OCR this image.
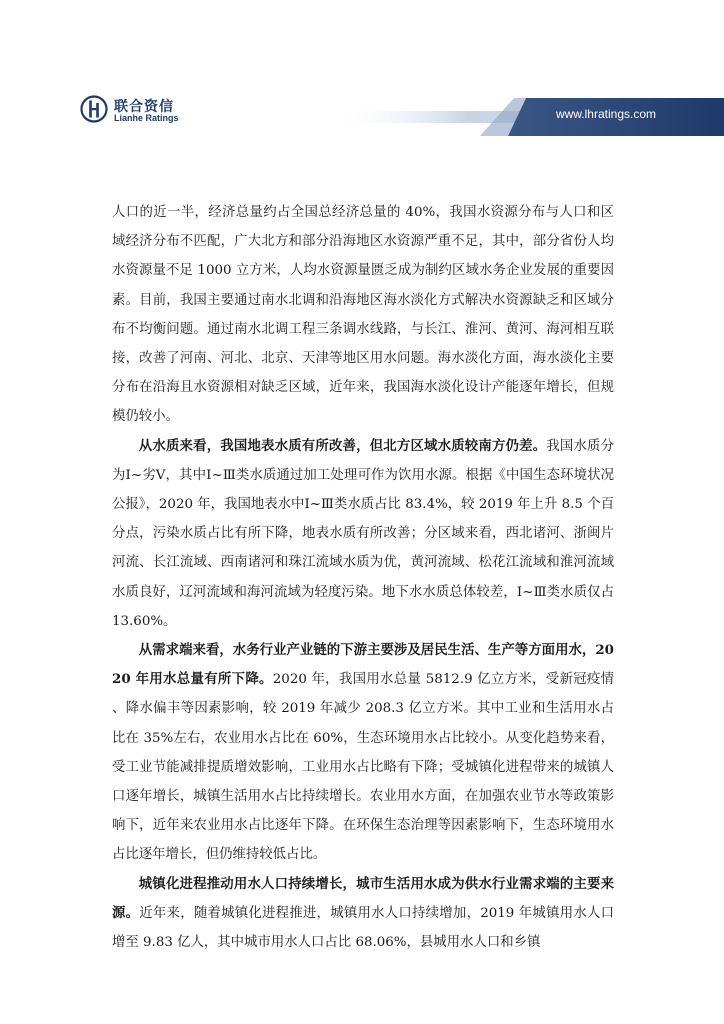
联合资信
Lianhe Ratings	www.lhratings.com

人口的近一半，经济总量约占全国总经济总量的 40%，我国水资源分布与人口和区域经济分布不匹配，广大北方和部分沿海地区水资源严重不足，其中，部分省份人均水资源量不足 1000 立方米，人均水资源量匮乏成为制约区域水务企业发展的重要因素。目前，我国主要通过南水北调和沿海地区海水淡化方式解决水资源缺乏和区域分布不均衡问题。通过南水北调工程三条调水线路，与长江、淮河、黄河、海河相互联接，改善了河南、河北、北京、天津等地区用水问题。海水淡化方面，海水淡化主要分布在沿海且水资源相对缺乏区域，近年来，我国海水淡化设计产能逐年增长，但规模仍较小。

从水质来看，我国地表水质有所改善，但北方区域水质较南方仍差。我国水质分为Ⅰ~劣Ⅴ，其中Ⅰ~Ⅲ类水质通过加工处理可作为饮用水源。根据《中国生态环境状况公报》，2020 年，我国地表水中Ⅰ~Ⅲ类水质占比 83.4%，较 2019 年上升 8.5 个百分点，污染水质占比有所下降，地表水质有所改善；分区域来看，西北诸河、浙闽片河流、长江流域、西南诸河和珠江流域水质为优，黄河流域、松花江流域和淮河流域水质良好，辽河流域和海河流域为轻度污染。地下水水质总体较差，Ⅰ~Ⅲ类水质仅占 13.60%。

从需求端来看，水务行业产业链的下游主要涉及居民生活、生产等方面用水，2020 年用水总量有所下降。2020 年，我国用水总量 5812.9 亿立方米，受新冠疫情、降水偏丰等因素影响，较 2019 年减少 208.3 亿立方米。其中工业和生活用水占比在 35%左右，农业用水占比在 60%，生态环境用水占比较小。从变化趋势来看，受工业节能减排提质增效影响，工业用水占比略有下降；受城镇化进程带来的城镇人口逐年增长，城镇生活用水占比持续增长。农业用水方面，在加强农业节水等政策影响下，近年来农业用水占比逐年下降。在环保生态治理等因素影响下，生态环境用水占比逐年增长，但仍维持较低占比。

城镇化进程推动用水人口持续增长，城市生活用水成为供水行业需求端的主要来源。近年来，随着城镇化进程推进，城镇用水人口持续增加，2019 年城镇用水人口增至 9.83 亿人，其中城市用水人口占比 68.06%，县城用水人口和乡镇
